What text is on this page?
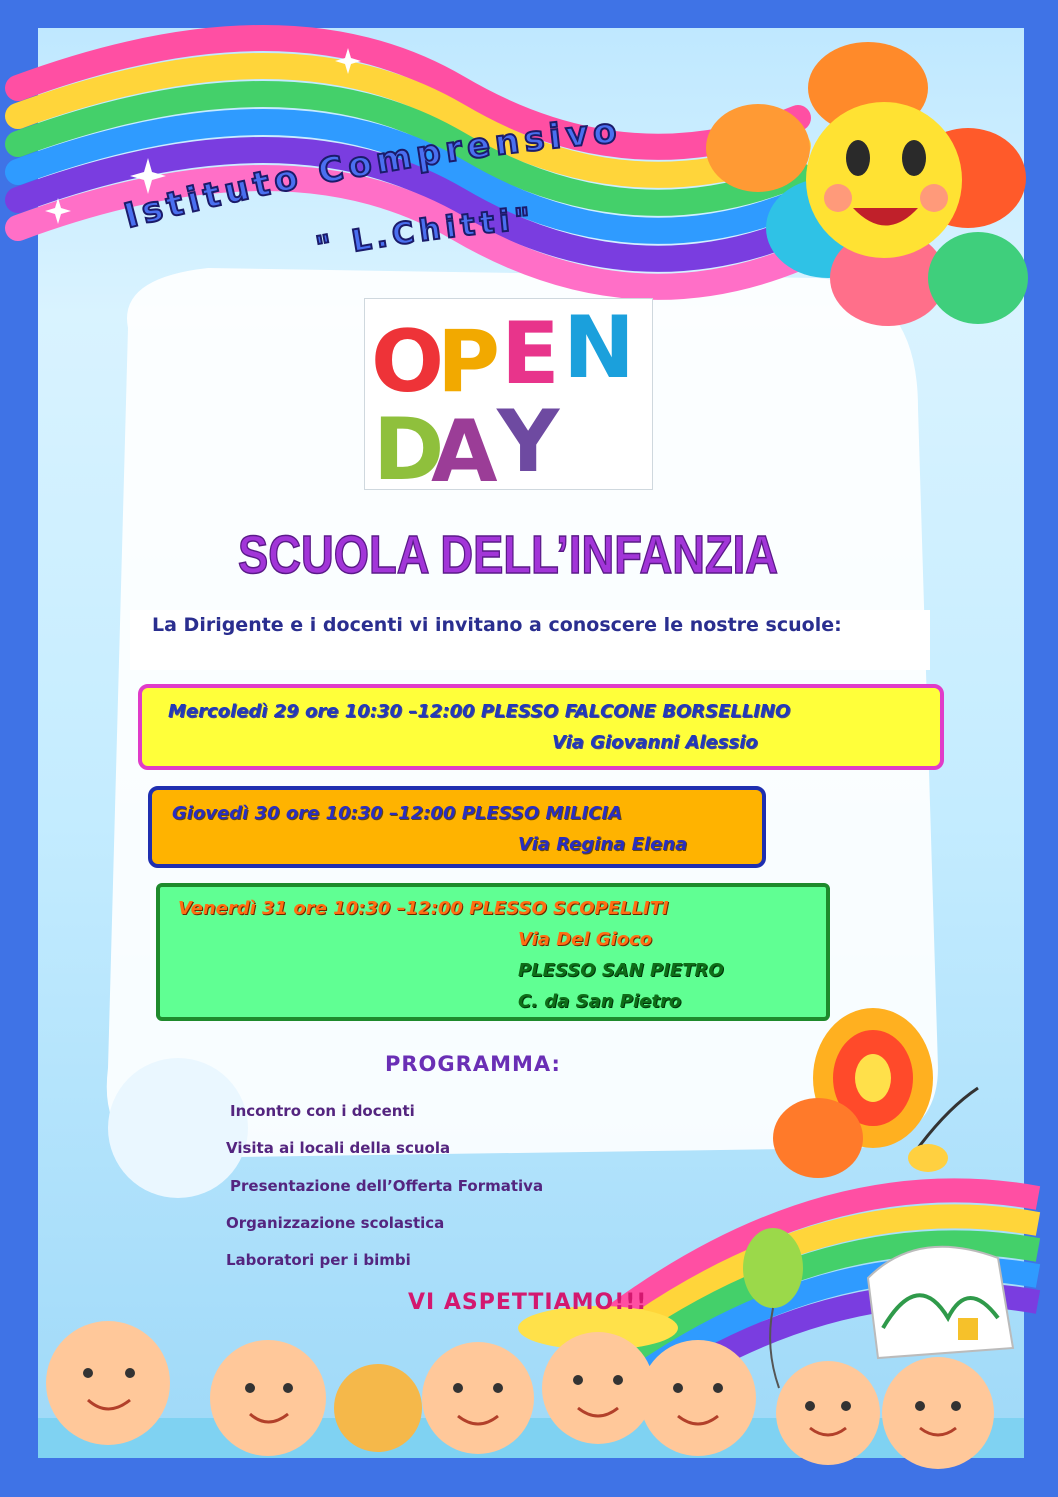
Istituto Comprensivo
" L.Chitti"
O
P E N
D
A Y
SCUOLA DELL’INFANZIA
La Dirigente e i docenti vi invitano a conoscere le nostre scuole:
Mercoledì 29 ore 10:30 –12:00 PLESSO FALCONE BORSELLINO
Via Giovanni Alessio
Giovedì 30 ore 10:30 –12:00 PLESSO MILICIA
Via Regina Elena
Venerdì 31 ore 10:30 –12:00 PLESSO SCOPELLITI
Via Del Gioco
PLESSO SAN PIETRO
C. da San Pietro
PROGRAMMA:
Incontro con i docenti
Visita ai locali della scuola
Presentazione dell’Offerta Formativa
Organizzazione scolastica
Laboratori per i bimbi
VI ASPETTIAMO!!!
